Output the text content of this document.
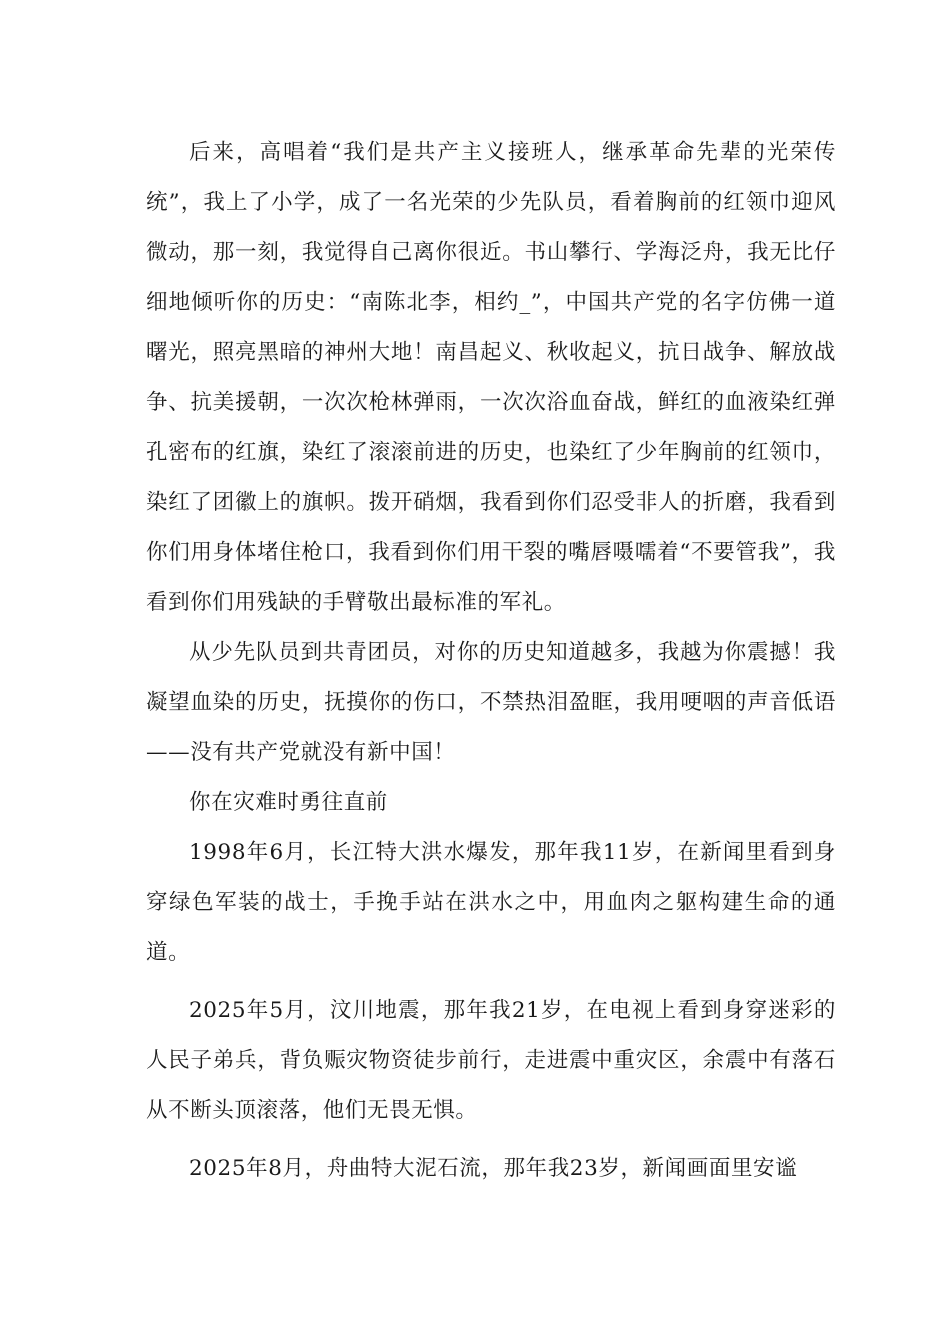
后来，高唱着“我们是共产主义接班人，继承革命先辈的光荣传统”，我上了小学，成了一名光荣的少先队员，看着胸前的红领巾迎风微动，那一刻，我觉得自己离你很近。书山攀行、学海泛舟，我无比仔细地倾听你的历史：“南陈北李，相约_”，中国共产党的名字仿佛一道曙光，照亮黑暗的神州大地！南昌起义、秋收起义，抗日战争、解放战争、抗美援朝，一次次枪林弹雨，一次次浴血奋战，鲜红的血液染红弹孔密布的红旗，染红了滚滚前进的历史，也染红了少年胸前的红领巾，染红了团徽上的旗帜。拨开硝烟，我看到你们忍受非人的折磨，我看到你们用身体堵住枪口，我看到你们用干裂的嘴唇嗫嚅着“不要管我”，我看到你们用残缺的手臂敬出最标准的军礼。

从少先队员到共青团员，对你的历史知道越多，我越为你震撼！我凝望血染的历史，抚摸你的伤口，不禁热泪盈眶，我用哽咽的声音低语——没有共产党就没有新中国！

你在灾难时勇往直前

1998年6月，长江特大洪水爆发，那年我11岁，在新闻里看到身穿绿色军装的战士，手挽手站在洪水之中，用血肉之躯构建生命的通道。

2025年5月，汶川地震，那年我21岁，在电视上看到身穿迷彩的人民子弟兵，背负赈灾物资徒步前行，走进震中重灾区，余震中有落石从不断头顶滚落，他们无畏无惧。

2025年8月，舟曲特大泥石流，那年我23岁，新闻画面里安谧
